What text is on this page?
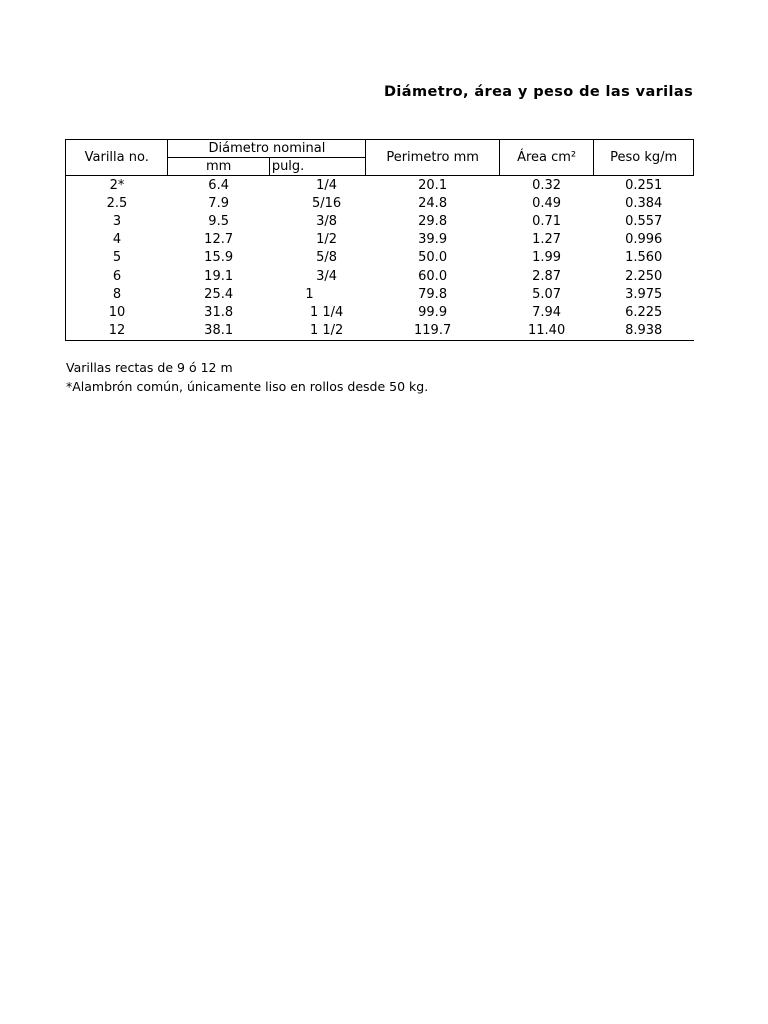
Diámetro, área y peso de las varilas
Varilla no.	Diámetro nominal		Perimetro mm	Área cm²	Peso kg/m
	mm	pulg.			
2*	6.4	1/4	20.1	0.32	0.251
2.5	7.9	5/16	24.8	0.49	0.384
3	9.5	3/8	29.8	0.71	0.557
4	12.7	1/2	39.9	1.27	0.996
5	15.9	5/8	50.0	1.99	1.560
6	19.1	3/4	60.0	2.87	2.250
8	25.4	1	79.8	5.07	3.975
10	31.8	1 1/4	99.9	7.94	6.225
12	38.1	1 1/2	119.7	11.40	8.938
Varillas rectas de 9 ó 12 m
*Alambrón común, únicamente liso en rollos desde 50 kg.
